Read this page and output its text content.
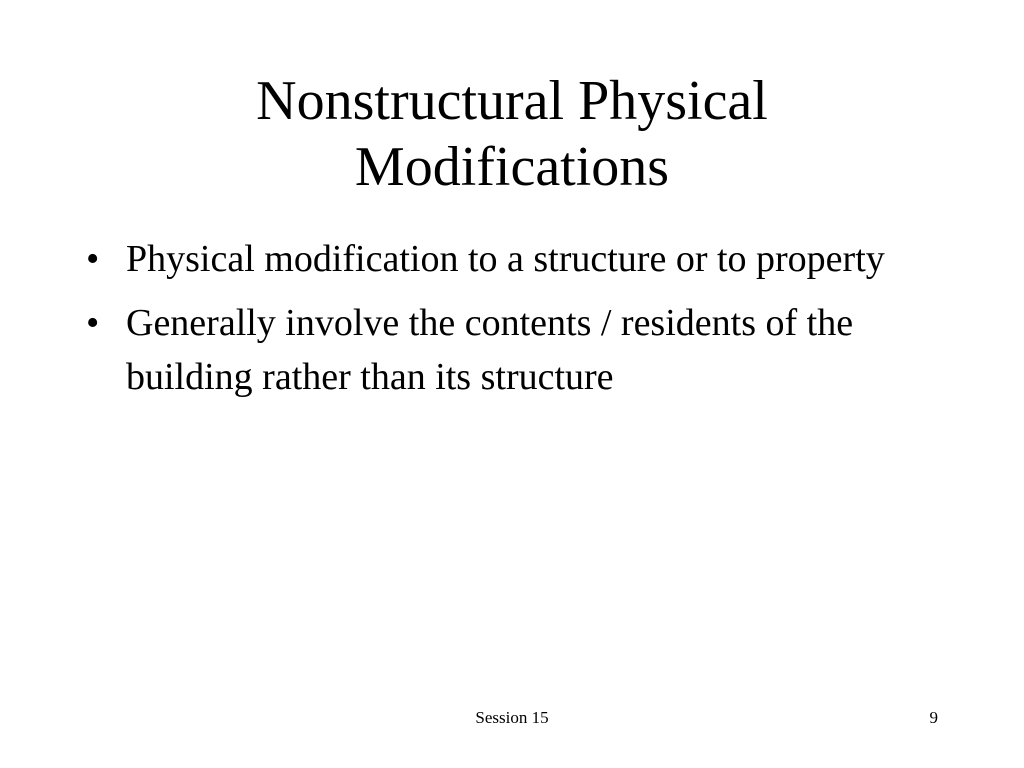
Nonstructural Physical
Modifications
• Physical modification to a structure or to property
• Generally involve the contents / residents of the building rather than its structure
Session 15	9
